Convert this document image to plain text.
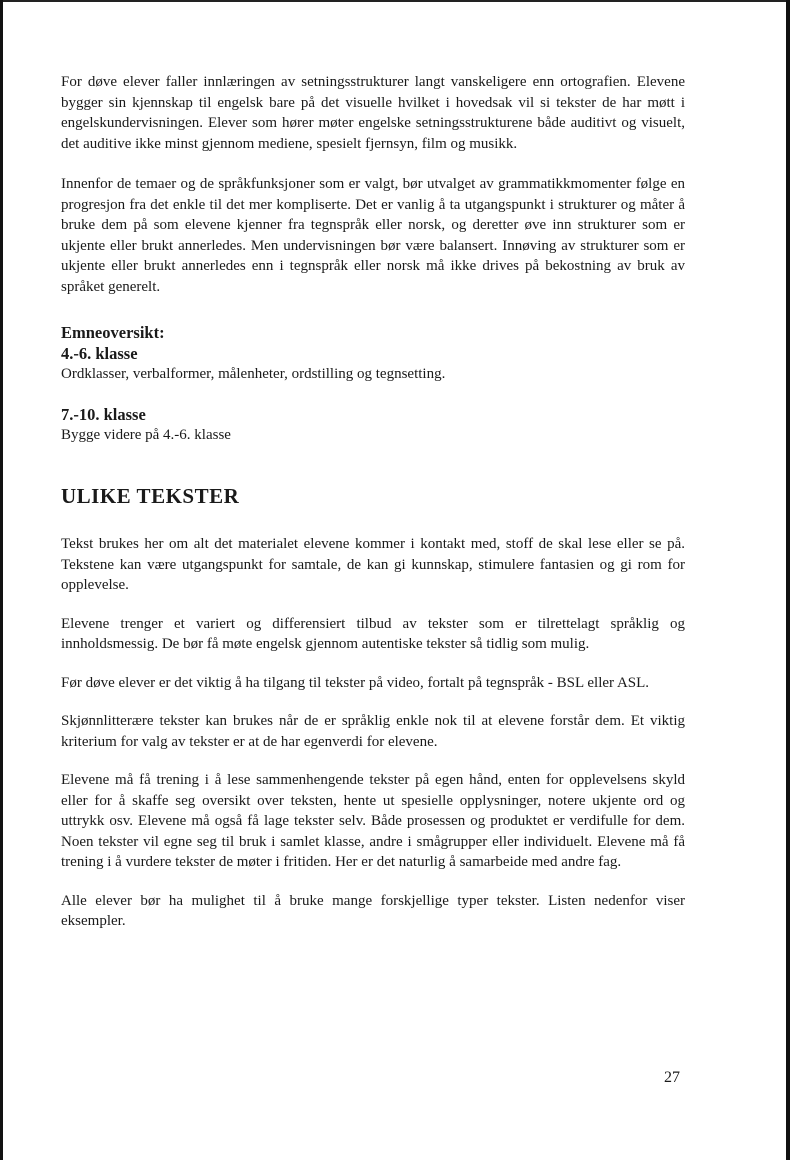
For døve elever faller innlæringen av setningsstrukturer langt vanskeligere enn ortografien. Elevene bygger sin kjennskap til engelsk bare på det visuelle hvilket i hovedsak vil si tekster de har møtt i engelskundervisningen. Elever som hører møter engelske setningsstrukturene både auditivt og visuelt, det auditive ikke minst gjennom mediene, spesielt fjernsyn, film og musikk.

Innenfor de temaer og de språkfunksjoner som er valgt, bør utvalget av grammatikkmomenter følge en progresjon fra det enkle til det mer kompliserte. Det er vanlig å ta utgangspunkt i strukturer og måter å bruke dem på som elevene kjenner fra tegnspråk eller norsk, og deretter øve inn strukturer som er ukjente eller brukt annerledes. Men undervisningen bør være balansert. Innøving av strukturer som er ukjente eller brukt annerledes enn i tegnspråk eller norsk må ikke drives på bekostning av bruk av språket generelt.

Emneoversikt:
4.-6. klasse

Ordklasser, verbalformer, målenheter, ordstilling og tegnsetting.

7.-10. klasse

Bygge videre på 4.-6. klasse

ULIKE TEKSTER

Tekst brukes her om alt det materialet elevene kommer i kontakt med, stoff de skal lese eller se på. Tekstene kan være utgangspunkt for samtale, de kan gi kunnskap, stimulere fantasien og gi rom for opplevelse.

Elevene trenger et variert og differensiert tilbud av tekster som er tilrettelagt språklig og innholdsmessig. De bør få møte engelsk gjennom autentiske tekster så tidlig som mulig.

Før døve elever er det viktig å ha tilgang til tekster på video, fortalt på tegnspråk - BSL eller ASL.

Skjønnlitterære tekster kan brukes når de er språklig enkle nok til at elevene forstår dem. Et viktig kriterium for valg av tekster er at de har egenverdi for elevene.

Elevene må få trening i å lese sammenhengende tekster på egen hånd, enten for opplevelsens skyld eller for å skaffe seg oversikt over teksten, hente ut spesielle opplysninger, notere ukjente ord og uttrykk osv. Elevene må også få lage tekster selv. Både prosessen og produktet er verdifulle for dem. Noen tekster vil egne seg til bruk i samlet klasse, andre i smågrupper eller individuelt. Elevene må få trening i å vurdere tekster de møter i fritiden. Her er det naturlig å samarbeide med andre fag.

Alle elever bør ha mulighet til å bruke mange forskjellige typer tekster. Listen nedenfor viser eksempler.

27
